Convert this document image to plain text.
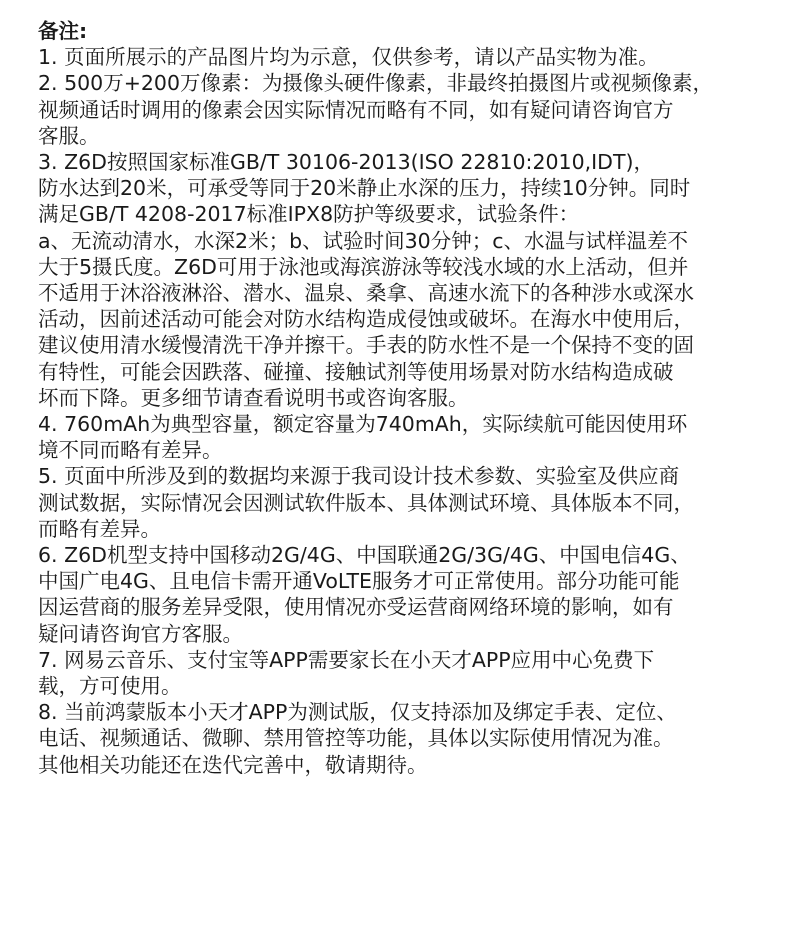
备注:
1. 页面所展示的产品图片均为示意，仅供参考，请以产品实物为准。
2. 500万+200万像素：为摄像头硬件像素，非最终拍摄图片或视频像素，
视频通话时调用的像素会因实际情况而略有不同，如有疑问请咨询官方
客服。
3. Z6D按照国家标准GB/T 30106-2013(ISO 22810:2010,IDT)，
防水达到20米，可承受等同于20米静止水深的压力，持续10分钟。同时
满足GB/T 4208-2017标准IPX8防护等级要求，试验条件：
a、无流动清水，水深2米；b、试验时间30分钟；c、水温与试样温差不
大于5摄氏度。Z6D可用于泳池或海滨游泳等较浅水域的水上活动，但并
不适用于沐浴液淋浴、潜水、温泉、桑拿、高速水流下的各种涉水或深水
活动，因前述活动可能会对防水结构造成侵蚀或破坏。在海水中使用后，
建议使用清水缓慢清洗干净并擦干。手表的防水性不是一个保持不变的固
有特性，可能会因跌落、碰撞、接触试剂等使用场景对防水结构造成破
坏而下降。更多细节请查看说明书或咨询客服。
4. 760mAh为典型容量，额定容量为740mAh，实际续航可能因使用环
境不同而略有差异。
5. 页面中所涉及到的数据均来源于我司设计技术参数、实验室及供应商
测试数据，实际情况会因测试软件版本、具体测试环境、具体版本不同，
而略有差异。
6. Z6D机型支持中国移动2G/4G、中国联通2G/3G/4G、中国电信4G、
中国广电4G、且电信卡需开通VoLTE服务才可正常使用。部分功能可能
因运营商的服务差异受限，使用情况亦受运营商网络环境的影响，如有
疑问请咨询官方客服。
7. 网易云音乐、支付宝等APP需要家长在小天才APP应用中心免费下
载，方可使用。
8. 当前鸿蒙版本小天才APP为测试版，仅支持添加及绑定手表、定位、
电话、视频通话、微聊、禁用管控等功能，具体以实际使用情况为准。
其他相关功能还在迭代完善中，敬请期待。
